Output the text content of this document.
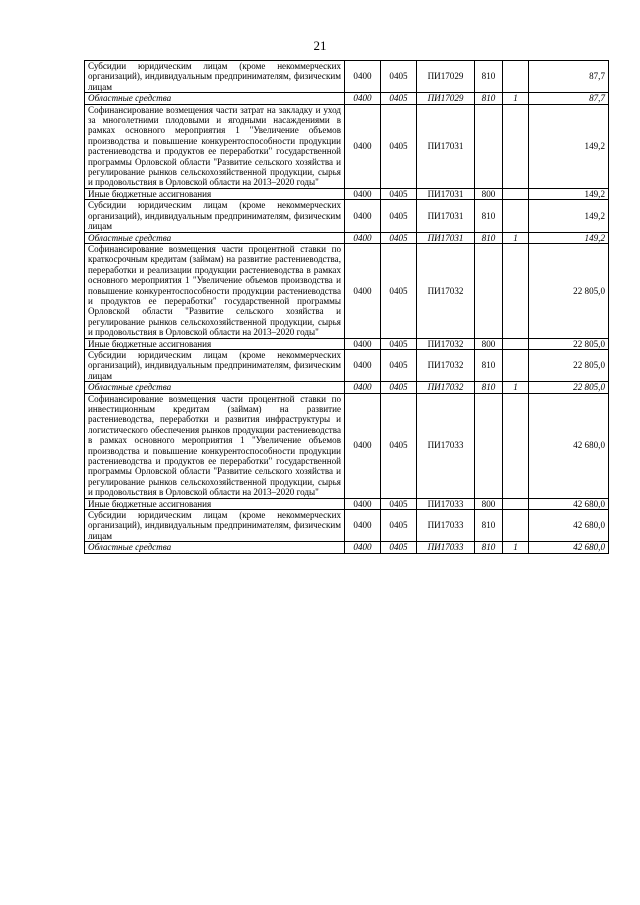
21
Субсидии юридическим лицам (кроме некоммерческих организаций), индивидуальным предпринимателям, физическим лицам	0400	0405	ПИ17029	810		87,7
Областные средства	0400	0405	ПИ17029	810	1	87,7
Софинансирование возмещения части затрат на закладку и уход за многолетними плодовыми и ягодными насаждениями в рамках основного мероприятия 1 "Увеличение объемов производства и повышение конкурентоспособности продукции растениеводства и продуктов ее переработки" государственной программы Орловской области "Развитие сельского хозяйства и регулирование рынков сельскохозяйственной продукции, сырья и продовольствия в Орловской области на 2013–2020 годы"	0400	0405	ПИ17031			149,2
Иные бюджетные ассигнования	0400	0405	ПИ17031	800		149,2
Субсидии юридическим лицам (кроме некоммерческих организаций), индивидуальным предпринимателям, физическим лицам	0400	0405	ПИ17031	810		149,2
Областные средства	0400	0405	ПИ17031	810	1	149,2
Софинансирование возмещения части процентной ставки по краткосрочным кредитам (займам) на развитие растениеводства, переработки и реализации продукции растениеводства в рамках основного мероприятия 1 "Увеличение объемов производства и повышение конкурентоспособности продукции растениеводства и продуктов ее переработки" государственной программы Орловской области "Развитие сельского хозяйства и регулирование рынков сельскохозяйственной продукции, сырья и продовольствия в Орловской области на 2013–2020 годы"	0400	0405	ПИ17032			22 805,0
Иные бюджетные ассигнования	0400	0405	ПИ17032	800		22 805,0
Субсидии юридическим лицам (кроме некоммерческих организаций), индивидуальным предпринимателям, физическим лицам	0400	0405	ПИ17032	810		22 805,0
Областные средства	0400	0405	ПИ17032	810	1	22 805,0
Софинансирование возмещения части процентной ставки по инвестиционным кредитам (займам) на развитие растениеводства, переработки и развития инфраструктуры и логистического обеспечения рынков продукции растениеводства в рамках основного мероприятия 1 "Увеличение объемов производства и повышение конкурентоспособности продукции растениеводства и продуктов ее переработки" государственной программы Орловской области "Развитие сельского хозяйства и регулирование рынков сельскохозяйственной продукции, сырья и продовольствия в Орловской области на 2013–2020 годы"	0400	0405	ПИ17033			42 680,0
Иные бюджетные ассигнования	0400	0405	ПИ17033	800		42 680,0
Субсидии юридическим лицам (кроме некоммерческих организаций), индивидуальным предпринимателям, физическим лицам	0400	0405	ПИ17033	810		42 680,0
Областные средства	0400	0405	ПИ17033	810	1	42 680,0
